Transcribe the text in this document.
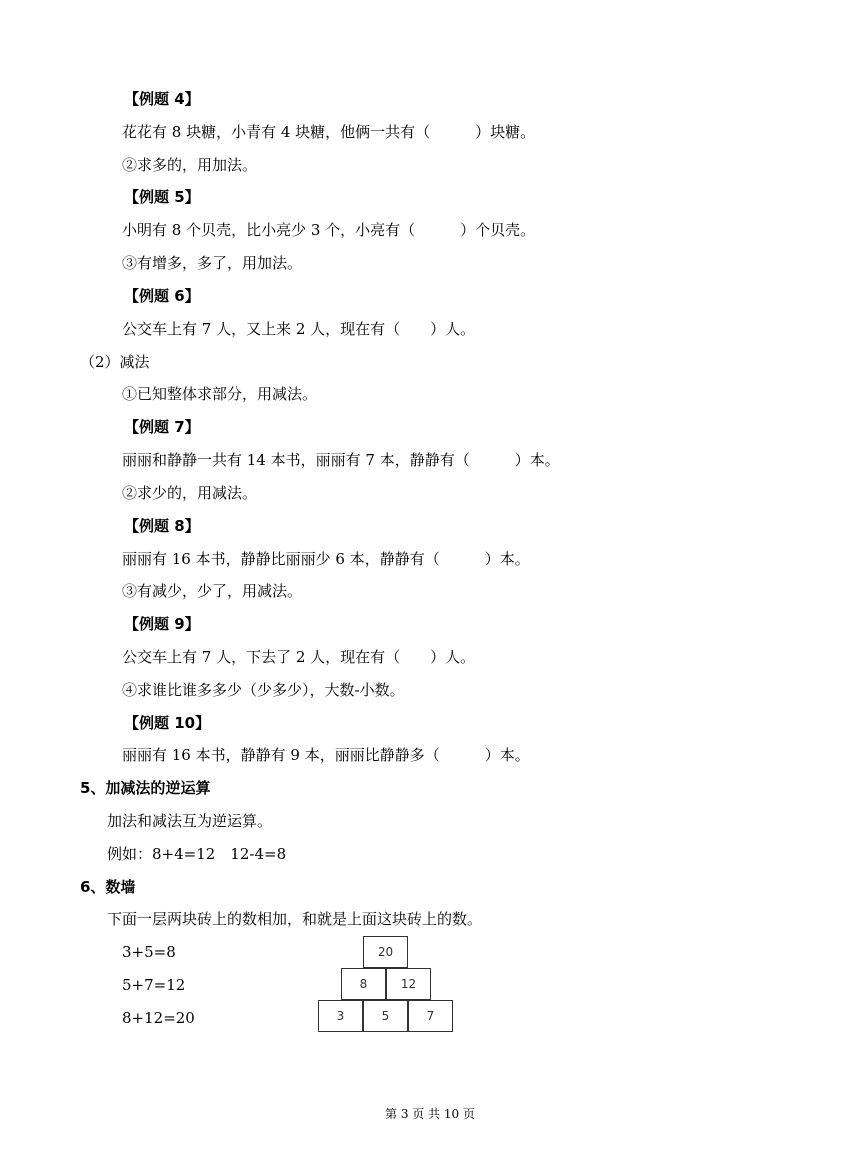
【例题 4】
花花有 8 块糖，小青有 4 块糖，他俩一共有（　　　）块糖。
②求多的，用加法。
【例题 5】
小明有 8 个贝壳，比小亮少 3 个，小亮有（　　　）个贝壳。
③有增多，多了，用加法。
【例题 6】
公交车上有 7 人，又上来 2 人，现在有（　　）人。
（2）减法
①已知整体求部分，用减法。
【例题 7】
丽丽和静静一共有 14 本书，丽丽有 7 本，静静有（　　　）本。
②求少的，用减法。
【例题 8】
丽丽有 16 本书，静静比丽丽少 6 本，静静有（　　　）本。
③有减少，少了，用减法。
【例题 9】
公交车上有 7 人，下去了 2 人，现在有（　　）人。
④求谁比谁多多少（少多少），大数-小数。
【例题 10】
丽丽有 16 本书，静静有 9 本，丽丽比静静多（　　　）本。
5、加减法的逆运算
加法和减法互为逆运算。
例如：8+4=12　12-4=8
6、数墙
下面一层两块砖上的数相加，和就是上面这块砖上的数。
3+5=8
5+7=12
8+12=20
20
8	12
3	5	7
第 3 页 共 10 页
